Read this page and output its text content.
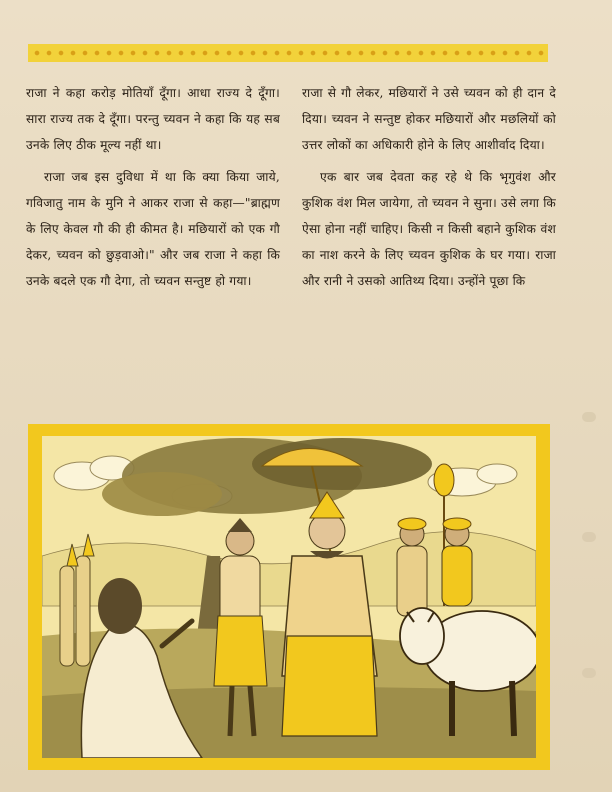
राजा ने कहा करोड़ मोतियाँ दूँगा। आधा राज्य दे दूँगा। सारा राज्य तक दे दूँगा। परन्तु च्यवन ने कहा कि यह सब उनके लिए ठीक मूल्य नहीं था।

राजा जब इस दुविधा में था कि क्या किया जाये, गविजातु नाम के मुनि ने आकर राजा से कहा—"ब्राह्मण के लिए केवल गौ की ही कीमत है। मछियारों को एक गौ देकर, च्यवन को छुड़वाओ।" और जब राजा ने कहा कि उनके बदले एक गौ देगा, तो च्यवन सन्तुष्ट हो गया।

राजा से गौ लेकर, मछियारों ने उसे च्यवन को ही दान दे दिया। च्यवन ने सन्तुष्ट होकर मछियारों और मछलियों को उत्तर लोकों का अधिकारी होने के लिए आशीर्वाद दिया।

एक बार जब देवता कह रहे थे कि भृगुवंश और कुशिक वंश मिल जायेगा, तो च्यवन ने सुना। उसे लगा कि ऐसा होना नहीं चाहिए। किसी न किसी बहाने कुशिक वंश का नाश करने के लिए च्यवन कुशिक के घर गया। राजा और रानी ने उसको आतिथ्य दिया। उन्होंने पूछा कि
